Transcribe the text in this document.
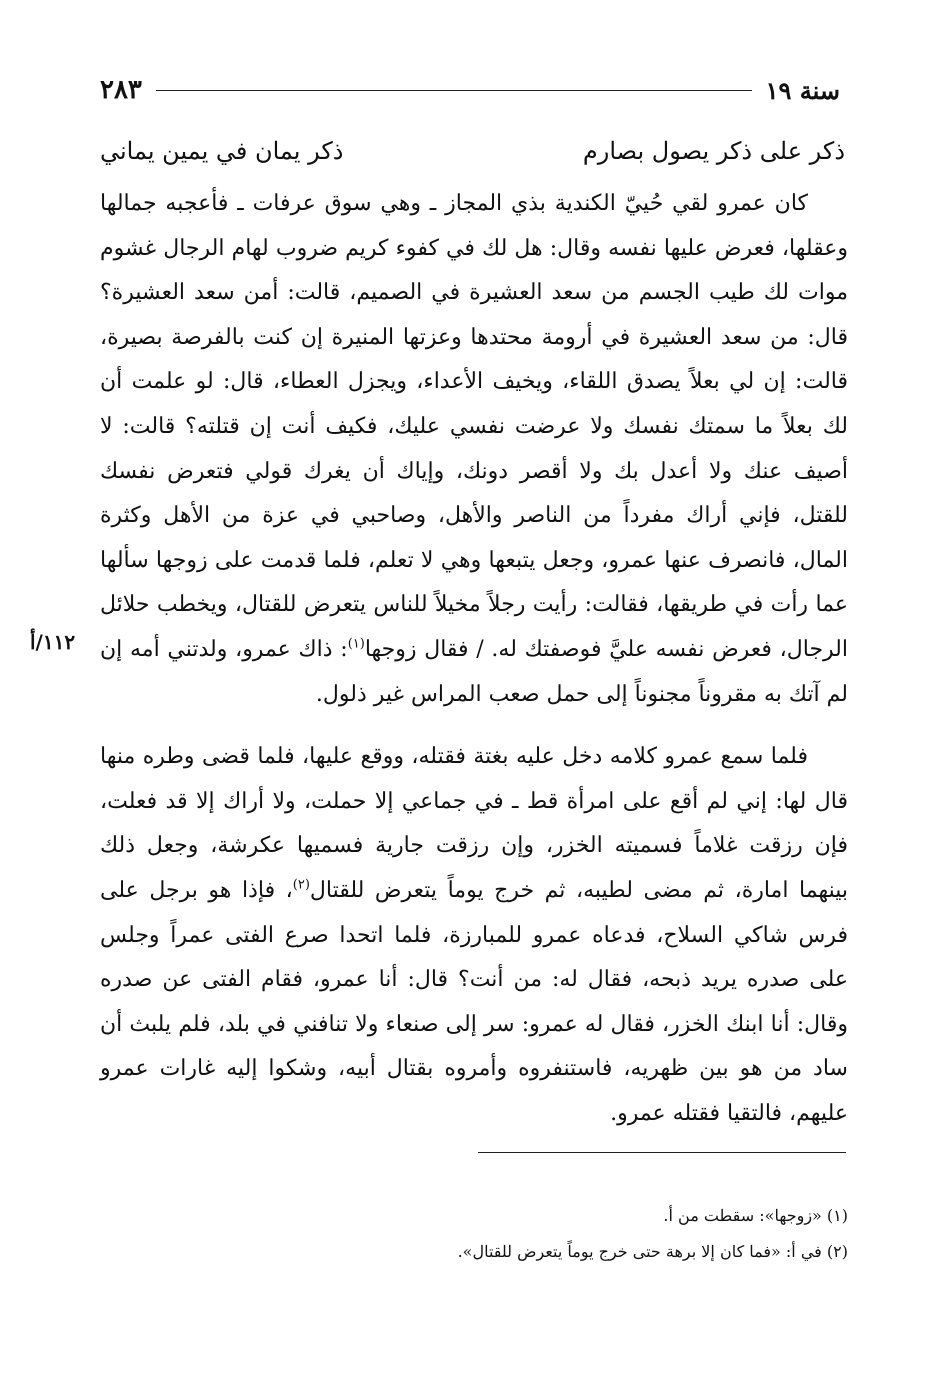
سنة ١٩
٢٨٣
ذكر على ذكر يصول بصارم
ذكر يمان في يمين يماني

كان عمرو لقي حُييّ الكندية بذي المجاز ـ وهي سوق عرفات ـ فأعجبه جمالها وعقلها، فعرض عليها نفسه وقال: هل لك في كفوء كريم ضروب لهام الرجال غشوم موات لك طيب الجسم من سعد العشيرة في الصميم، قالت: أمن سعد العشيرة؟ قال: من سعد العشيرة في أرومة محتدها وعزتها المنيرة إن كنت بالفرصة بصيرة، قالت: إن لي بعلاً يصدق اللقاء، ويخيف الأعداء، ويجزل العطاء، قال: لو علمت أن لك بعلاً ما سمتك نفسك ولا عرضت نفسي عليك، فكيف أنت إن قتلته؟ قالت: لا أصيف عنك ولا أعدل بك ولا أقصر دونك، وإياك أن يغرك قولي فتعرض نفسك للقتل، فإني أراك مفرداً من الناصر والأهل، وصاحبي في عزة من الأهل وكثرة المال، فانصرف عنها عمرو، وجعل يتبعها وهي لا تعلم، فلما قدمت على زوجها سألها عما رأت في طريقها، فقالت: رأيت رجلاً مخيلاً للناس يتعرض للقتال، ويخطب حلائل الرجال، فعرض نفسه عليَّ فوصفتك له. / فقال زوجها$^{(١)}$: ذاك عمرو، ولدتني أمه إن لم آتك به مقروناً مجنوناً إلى حمل صعب المراس غير ذلول.

فلما سمع عمرو كلامه دخل عليه بغتة فقتله، ووقع عليها، فلما قضى وطره منها قال لها: إني لم أقع على امرأة قط ـ في جماعي إلا حملت، ولا أراك إلا قد فعلت، فإن رزقت غلاماً فسميته الخزر، وإن رزقت جارية فسميها عكرشة، وجعل ذلك بينهما امارة، ثم مضى لطيبه، ثم خرج يوماً يتعرض للقتال$^{(٢)}$، فإذا هو برجل على فرس شاكي السلاح، فدعاه عمرو للمبارزة، فلما اتحدا صرع الفتى عمراً وجلس على صدره يريد ذبحه، فقال له: من أنت؟ قال: أنا عمرو، فقام الفتى عن صدره وقال: أنا ابنك الخزر، فقال له عمرو: سر إلى صنعاء ولا تنافني في بلد، فلم يلبث أن ساد من هو بين ظهريه، فاستنفروه وأمروه بقتال أبيه، وشكوا إليه غارات عمرو عليهم، فالتقيا فقتله عمرو.

١١٢/أ
(١) «زوجها»: سقطت من أ.
(٢) في أ: «فما كان إلا برهة حتى خرج يوماً يتعرض للقتال».
